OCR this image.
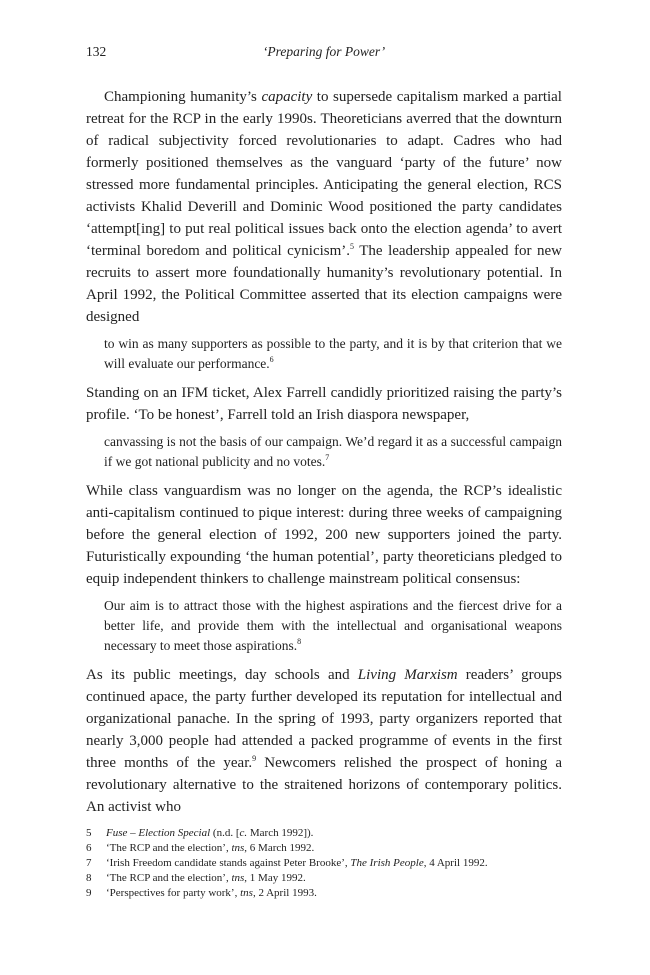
132	‘Preparing for Power’

Championing humanity’s capacity to supersede capitalism marked a partial retreat for the RCP in the early 1990s. Theoreticians averred that the downturn of radical subjectivity forced revolutionaries to adapt. Cadres who had formerly positioned themselves as the vanguard ‘party of the future’ now stressed more fundamental principles. Anticipating the general election, RCS activists Khalid Deverill and Dominic Wood positioned the party candidates ‘attempt[ing] to put real political issues back onto the election agenda’ to avert ‘terminal boredom and political cynicism’.$^5$ The leadership appealed for new recruits to assert more foundationally humanity’s revolutionary potential. In April 1992, the Political Committee asserted that its election campaigns were designed

to win as many supporters as possible to the party, and it is by that criterion that we will evaluate our performance.$^6$

Standing on an IFM ticket, Alex Farrell candidly prioritized raising the party’s profile. ‘To be honest’, Farrell told an Irish diaspora newspaper,

canvassing is not the basis of our campaign. We’d regard it as a successful campaign if we got national publicity and no votes.$^7$

While class vanguardism was no longer on the agenda, the RCP’s idealistic anti-capitalism continued to pique interest: during three weeks of campaigning before the general election of 1992, 200 new supporters joined the party. Futuristically expounding ‘the human potential’, party theoreticians pledged to equip independent thinkers to challenge mainstream political consensus:

Our aim is to attract those with the highest aspirations and the fiercest drive for a better life, and provide them with the intellectual and organisational weapons necessary to meet those aspirations.$^8$

As its public meetings, day schools and Living Marxism readers’ groups continued apace, the party further developed its reputation for intellectual and organizational panache. In the spring of 1993, party organizers reported that nearly 3,000 people had attended a packed programme of events in the first three months of the year.$^9$ Newcomers relished the prospect of honing a revolutionary alternative to the straitened horizons of contemporary politics. An activist who

5	Fuse – Election Special (n.d. [c. March 1992]).
6	‘The RCP and the election’, tns, 6 March 1992.
7	‘Irish Freedom candidate stands against Peter Brooke’, The Irish People, 4 April 1992.
8	‘The RCP and the election’, tns, 1 May 1992.
9	‘Perspectives for party work’, tns, 2 April 1993.
